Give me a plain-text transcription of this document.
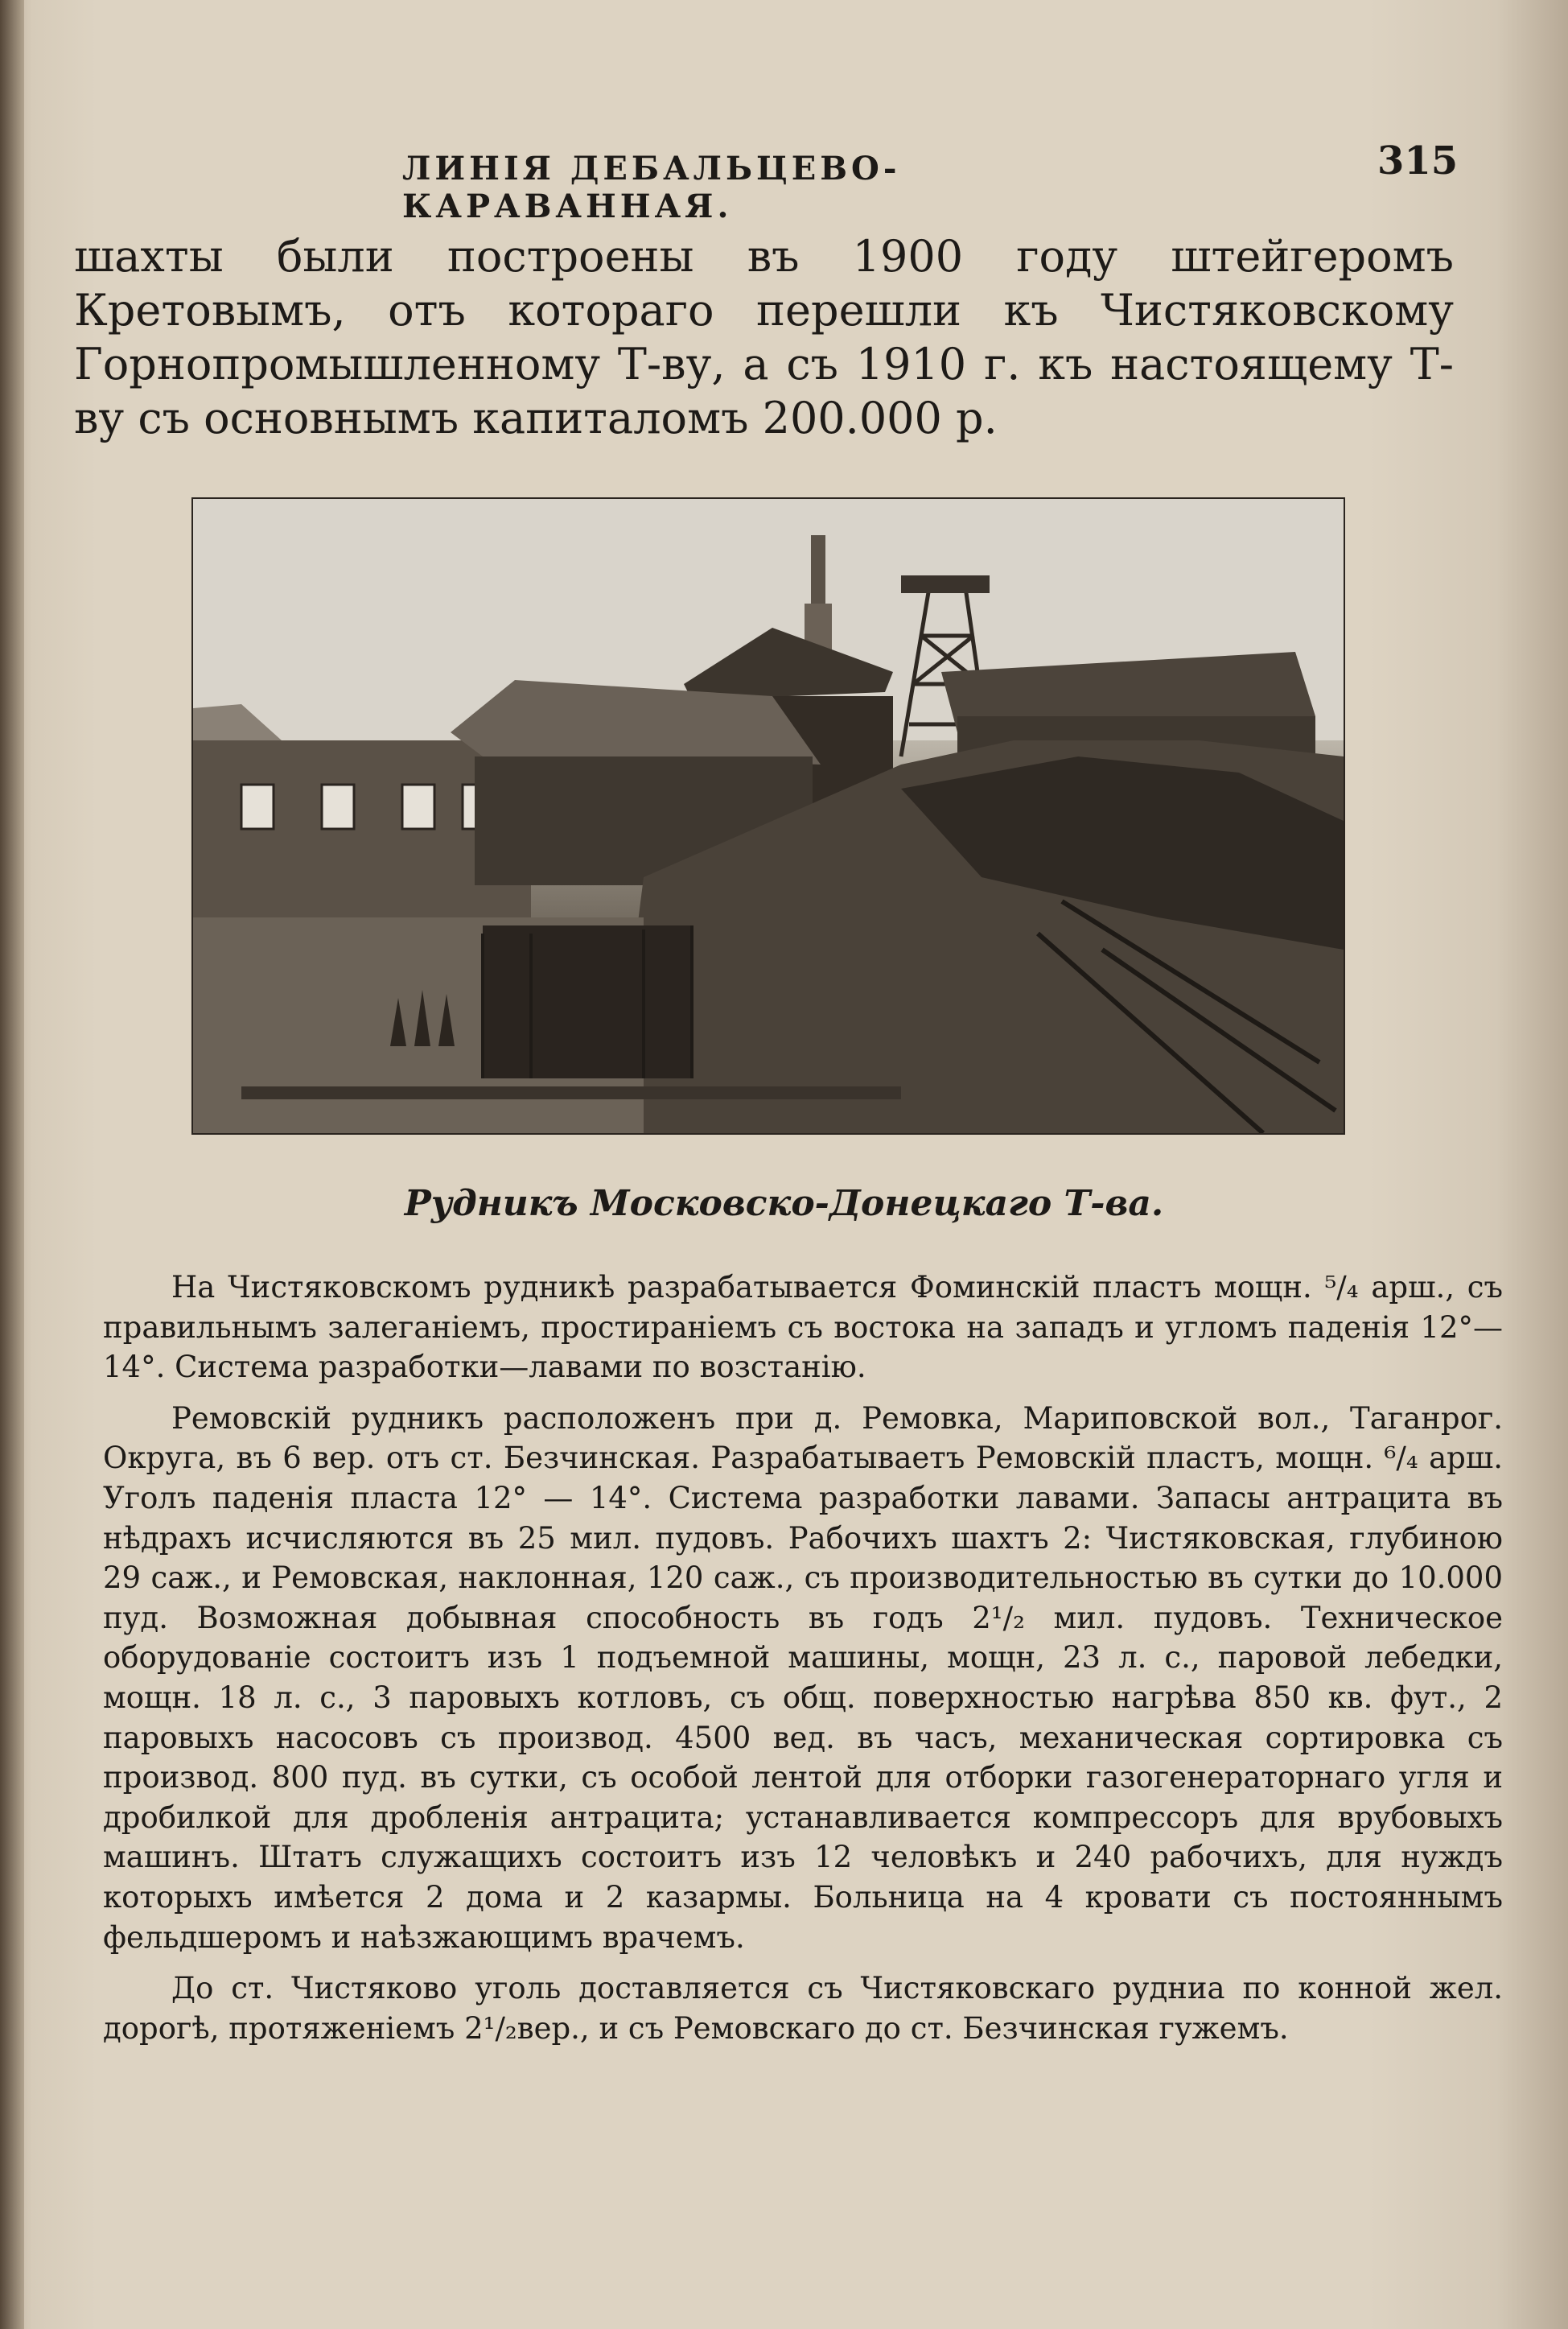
ЛИНІЯ ДЕБАЛЬЦЕВО-КАРАВАННАЯ.
315

шахты были построены въ 1900 году штейгеромъ Кретовымъ, отъ котораго перешли къ Чистяковскому Горнопромышленному Т-ву, а съ 1910 г. къ настоящему Т-ву съ основнымъ капиталомъ 200.000 р.

Рудникъ Московско-Донецкаго Т-ва.

На Чистяковскомъ рудникѣ разрабатывается Фоминскій пластъ мощн. ⁵/₄ арш., съ правильнымъ залеганіемъ, простираніемъ съ востока на западъ и угломъ паденія 12°—14°. Система разработки—лавами по возстанію.

Ремовскій рудникъ расположенъ при д. Ремовка, Мариповской вол., Таганрог. Округа, въ 6 вер. отъ ст. Безчинская. Разрабатываетъ Ремовскій пластъ, мощн. ⁶/₄ арш. Уголъ паденія пласта 12° — 14°. Система разработки лавами. Запасы антрацита въ нѣдрахъ исчисляются въ 25 мил. пудовъ. Рабочихъ шахтъ 2: Чистяковская, глубиною 29 саж., и Ремовская, наклонная, 120 саж., съ производительностью въ сутки до 10.000 пуд. Возможная добывная способность въ годъ 2¹/₂ мил. пудовъ. Техническое оборудованіе состоитъ изъ 1 подъемной машины, мощн, 23 л. с., паровой лебедки, мощн. 18 л. с., 3 паровыхъ котловъ, съ общ. поверхностью нагрѣва 850 кв. фут., 2 паровыхъ насосовъ съ производ. 4500 вед. въ часъ, механическая сортировка съ производ. 800 пуд. въ сутки, съ особой лентой для отборки газогенераторнаго угля и дробилкой для дробленія антрацита; устанавливается компрессоръ для врубовыхъ машинъ. Штатъ служащихъ состоитъ изъ 12 человѣкъ и 240 рабочихъ, для нуждъ которыхъ имѣется 2 дома и 2 казармы. Больница на 4 кровати съ постояннымъ фельдшеромъ и наѣзжающимъ врачемъ.

До ст. Чистяково уголь доставляется съ Чистяковскаго рудниа по конной жел. дорогѣ, протяженіемъ 2¹/₂вер., и съ Ремовскаго до ст. Безчинская гужемъ.
